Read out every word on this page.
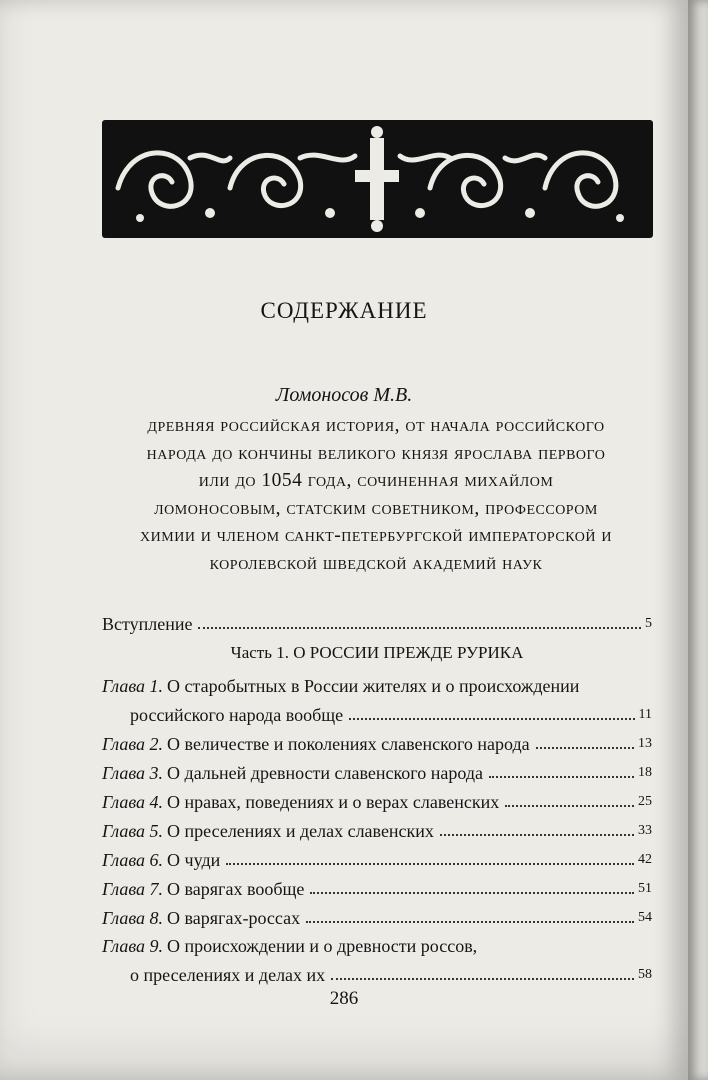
СОДЕРЖАНИЕ
Ломоносов М.В.
древняя российская история, от начала российского народа до кончины великого князя ярослава первого или до 1054 года, сочиненная михайлом ломоносовым, статским советником, профессором химии и членом санкт-петербургской императорской и королевской шведской академий наук
Вступление	5
Часть 1. О РОССИИ ПРЕЖДЕ РУРИКА
Глава 1. О старобытных в России жителях и о происхождении
российского народа вообще	11
Глава 2. О величестве и поколениях славенского народа	13
Глава 3. О дальней древности славенского народа	18
Глава 4. О нравах, поведениях и о верах славенских	25
Глава 5. О преселениях и делах славенских	33
Глава 6. О чуди	42
Глава 7. О варягах вообще	51
Глава 8. О варягах-россах	54
Глава 9. О происхождении и о древности россов,
о преселениях и делах их	58
286
